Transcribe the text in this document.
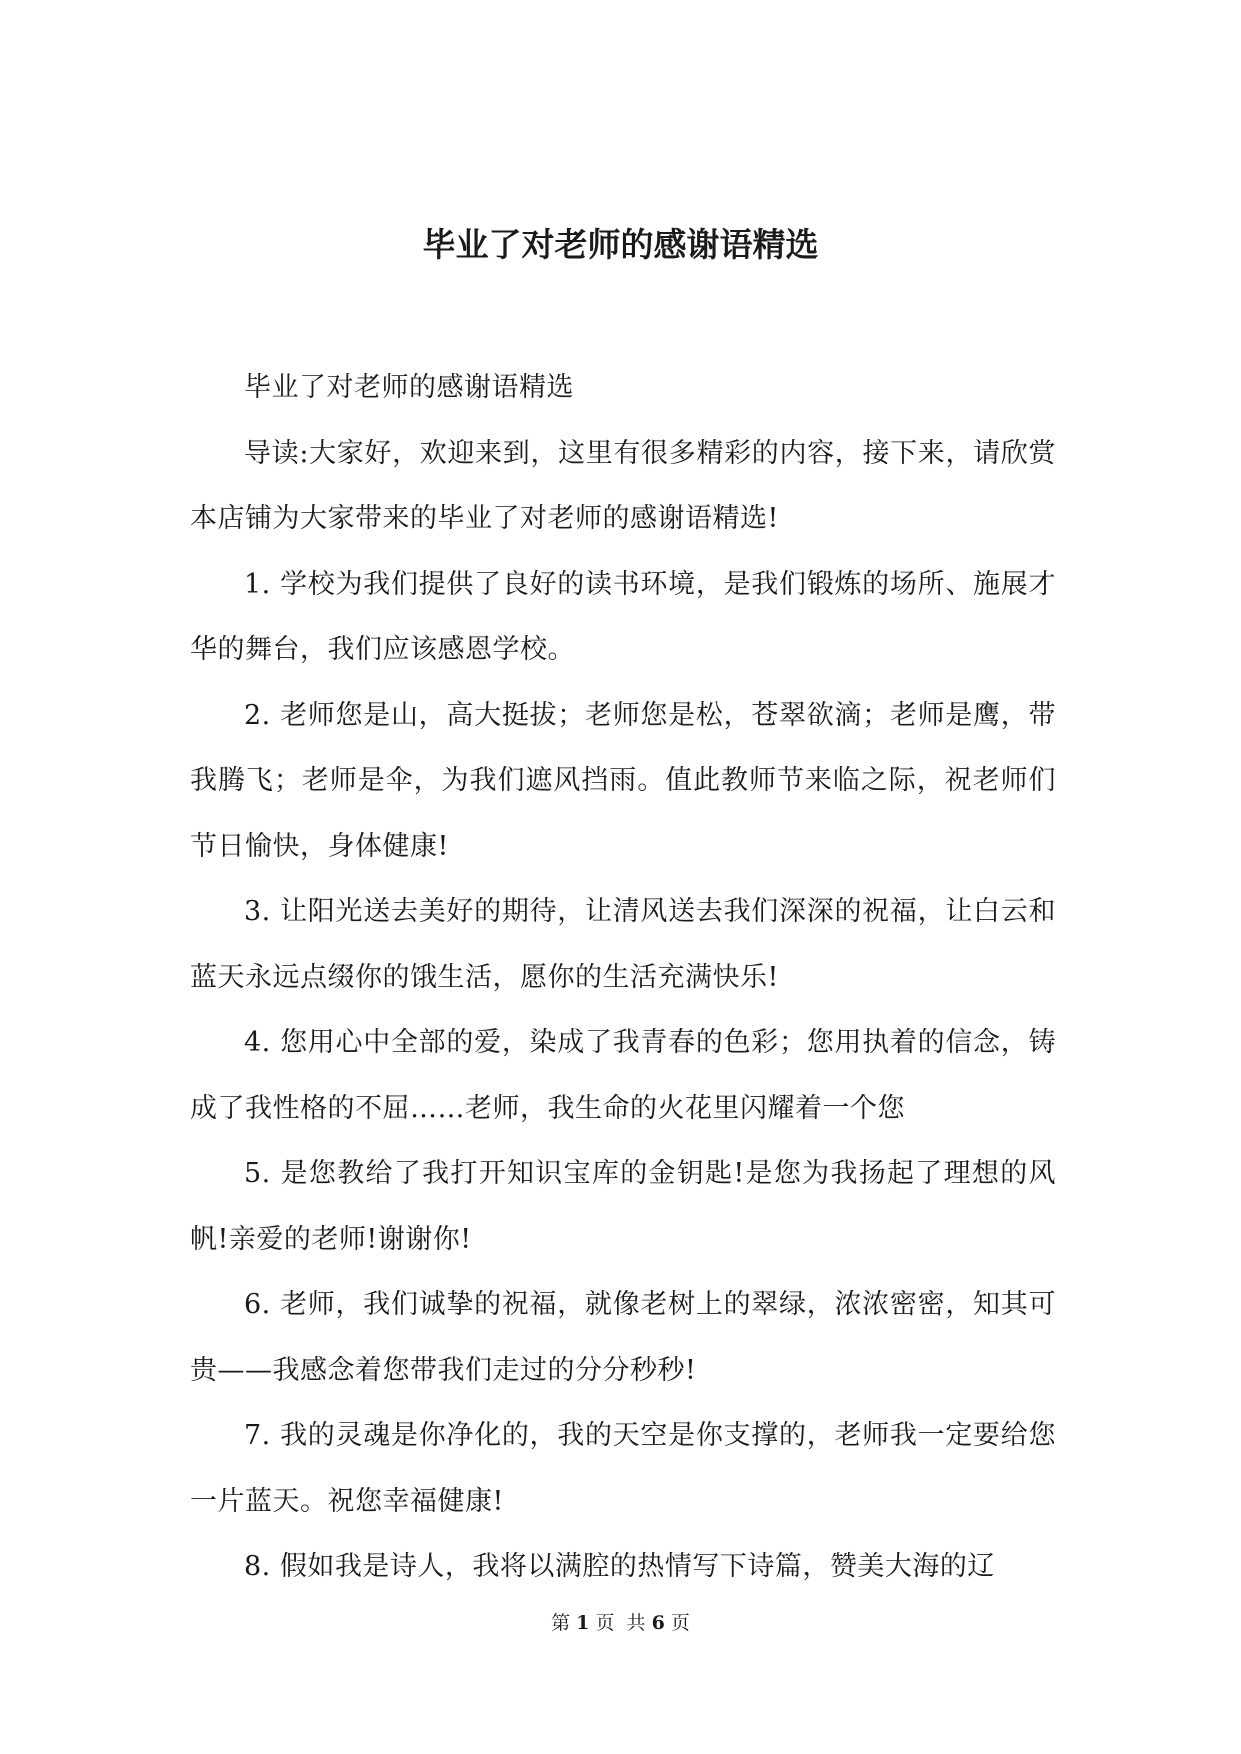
毕业了对老师的感谢语精选

毕业了对老师的感谢语精选

导读:大家好，欢迎来到，这里有很多精彩的内容，接下来，请欣赏本店铺为大家带来的毕业了对老师的感谢语精选!

1. 学校为我们提供了良好的读书环境，是我们锻炼的场所、施展才华的舞台，我们应该感恩学校。

2. 老师您是山，高大挺拔；老师您是松，苍翠欲滴；老师是鹰，带我腾飞；老师是伞，为我们遮风挡雨。值此教师节来临之际，祝老师们节日愉快，身体健康!

3. 让阳光送去美好的期待，让清风送去我们深深的祝福，让白云和蓝天永远点缀你的饿生活，愿你的生活充满快乐!

4. 您用心中全部的爱，染成了我青春的色彩；您用执着的信念，铸成了我性格的不屈……老师，我生命的火花里闪耀着一个您

5. 是您教给了我打开知识宝库的金钥匙!是您为我扬起了理想的风帆!亲爱的老师!谢谢你!

6. 老师，我们诚挚的祝福，就像老树上的翠绿，浓浓密密，知其可贵——我感念着您带我们走过的分分秒秒!

7. 我的灵魂是你净化的，我的天空是你支撑的，老师我一定要给您一片蓝天。祝您幸福健康!

8. 假如我是诗人，我将以满腔的热情写下诗篇，赞美大海的辽

第 1 页  共 6 页
